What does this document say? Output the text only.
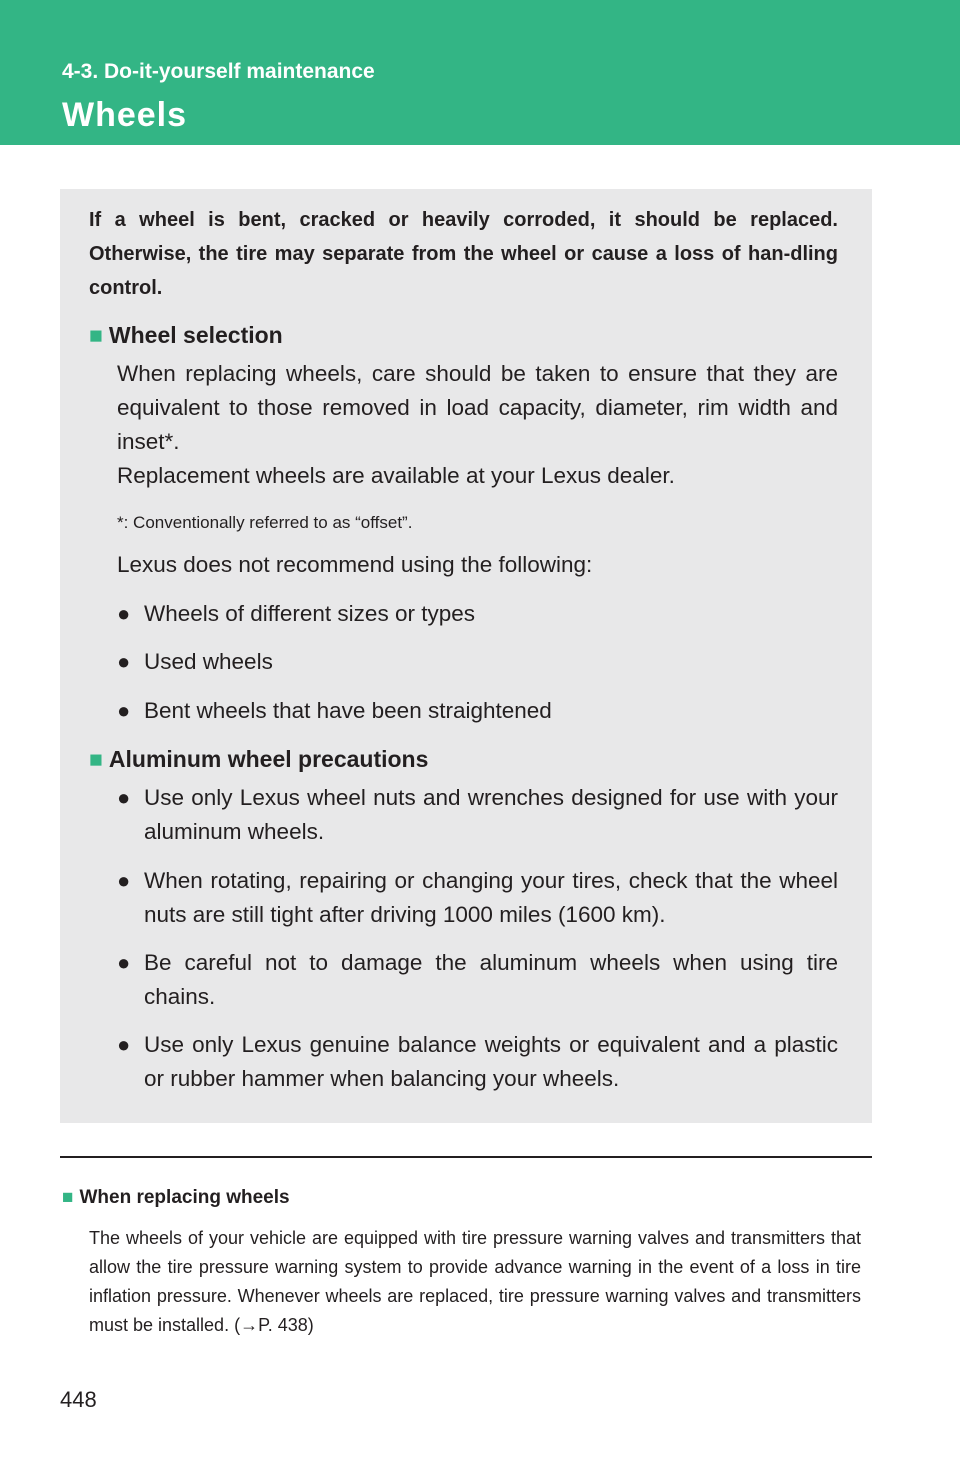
4-3. Do-it-yourself maintenance
Wheels

If a wheel is bent, cracked or heavily corroded, it should be replaced. Otherwise, the tire may separate from the wheel or cause a loss of han-dling control.

■ Wheel selection

When replacing wheels, care should be taken to ensure that they are equivalent to those removed in load capacity, diameter, rim width and inset*.

Replacement wheels are available at your Lexus dealer.

*: Conventionally referred to as “offset”.

Lexus does not recommend using the following:

● Wheels of different sizes or types
● Used wheels
● Bent wheels that have been straightened

■ Aluminum wheel precautions

● Use only Lexus wheel nuts and wrenches designed for use with your aluminum wheels.
● When rotating, repairing or changing your tires, check that the wheel nuts are still tight after driving 1000 miles (1600 km).
● Be careful not to damage the aluminum wheels when using tire chains.
● Use only Lexus genuine balance weights or equivalent and a plastic or rubber hammer when balancing your wheels.

■ When replacing wheels

The wheels of your vehicle are equipped with tire pressure warning valves and transmitters that allow the tire pressure warning system to provide advance warning in the event of a loss in tire inflation pressure. Whenever wheels are replaced, tire pressure warning valves and transmitters must be installed. (→P. 438)

448
